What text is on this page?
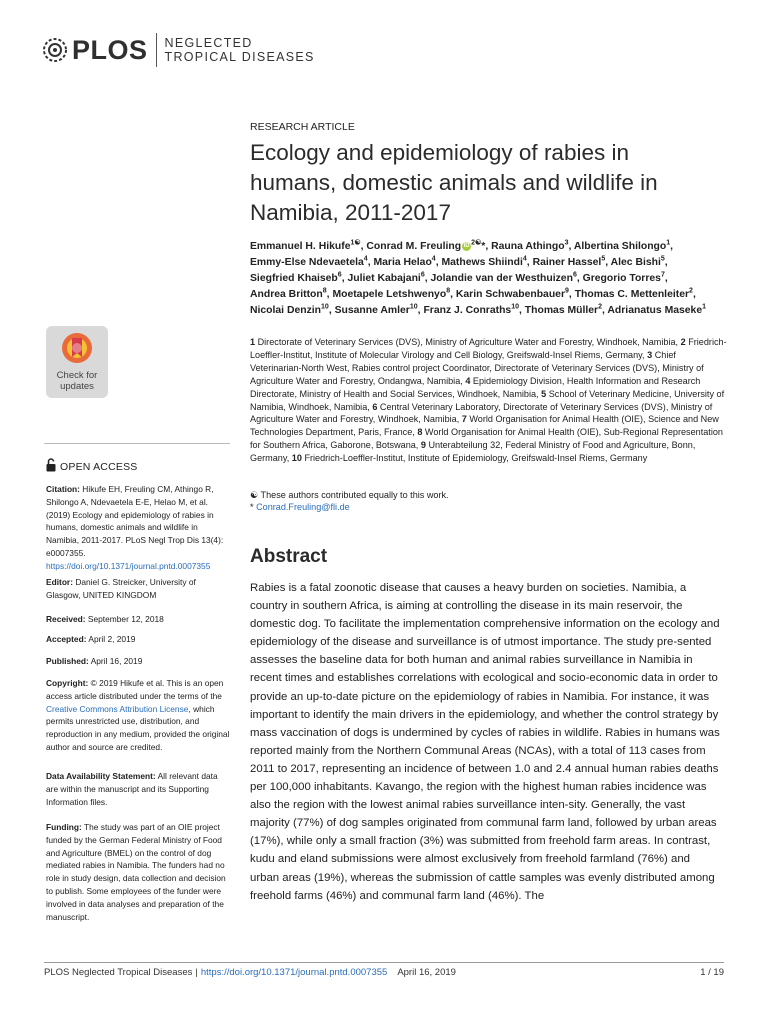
PLOS NEGLECTED
TROPICAL DISEASES
Check for
updates
OPEN ACCESS
Citation: Hikufe EH, Freuling CM, Athingo R, Shilongo A, Ndevaetela E-E, Helao M, et al. (2019) Ecology and epidemiology of rabies in humans, domestic animals and wildlife in Namibia, 2011-2017. PLoS Negl Trop Dis 13(4): e0007355. https://doi.org/10.1371/journal.pntd.0007355
Editor: Daniel G. Streicker, University of Glasgow, UNITED KINGDOM
Received: September 12, 2018
Accepted: April 2, 2019
Published: April 16, 2019
Copyright: © 2019 Hikufe et al. This is an open access article distributed under the terms of the Creative Commons Attribution License, which permits unrestricted use, distribution, and reproduction in any medium, provided the original author and source are credited.
Data Availability Statement: All relevant data are within the manuscript and its Supporting Information files.
Funding: The study was part of an OIE project funded by the German Federal Ministry of Food and Agriculture (BMEL) on the control of dog mediated rabies in Namibia. The funders had no role in study design, data collection and decision to publish. Some employees of the funder were involved in data analyses and preparation of the manuscript.
RESEARCH ARTICLE
Ecology and epidemiology of rabies in humans, domestic animals and wildlife in Namibia, 2011-2017
Emmanuel H. Hikufe$^{1☯}$, Conrad M. Freuling iD $^{2☯}$*, Rauna Athingo$^3$, Albertina Shilongo$^1$, Emmy-Else Ndevaetela$^4$, Maria Helao$^4$, Mathews Shiindi$^4$, Rainer Hassel$^5$, Alec Bishi$^5$, Siegfried Khaiseb$^6$, Juliet Kabajani$^6$, Jolandie van der Westhuizen$^6$, Gregorio Torres$^7$, Andrea Britton$^8$, Moetapele Letshwenyo$^8$, Karin Schwabenbauer$^9$, Thomas C. Mettenleiter$^2$, Nicolai Denzin$^{10}$, Susanne Amler$^{10}$, Franz J. Conraths$^{10}$, Thomas Müller$^2$, Adrianatus Maseke$^1$
1 Directorate of Veterinary Services (DVS), Ministry of Agriculture Water and Forestry, Windhoek, Namibia, 2 Friedrich-Loeffler-Institut, Institute of Molecular Virology and Cell Biology, Greifswald-Insel Riems, Germany, 3 Chief Veterinarian-North West, Rabies control project Coordinator, Directorate of Veterinary Services (DVS), Ministry of Agriculture Water and Forestry, Ondangwa, Namibia, 4 Epidemiology Division, Health Information and Research Directorate, Ministry of Health and Social Services, Windhoek, Namibia, 5 School of Veterinary Medicine, University of Namibia, Windhoek, Namibia, 6 Central Veterinary Laboratory, Directorate of Veterinary Services (DVS), Ministry of Agriculture Water and Forestry, Windhoek, Namibia, 7 World Organisation for Animal Health (OIE), Science and New Technologies Department, Paris, France, 8 World Organisation for Animal Health (OIE), Sub-Regional Representation for Southern Africa, Gaborone, Botswana, 9 Unterabteilung 32, Federal Ministry of Food and Agriculture, Bonn, Germany, 10 Friedrich-Loeffler-Institut, Institute of Epidemiology, Greifswald-Insel Riems, Germany
☯ These authors contributed equally to this work.
* Conrad.Freuling@fli.de
Abstract

Rabies is a fatal zoonotic disease that causes a heavy burden on societies. Namibia, a country in southern Africa, is aiming at controlling the disease in its main reservoir, the domestic dog. To facilitate the implementation comprehensive information on the ecology and epidemiology of the disease and surveillance is of utmost importance. The study pre-sented assesses the baseline data for both human and animal rabies surveillance in Namibia in recent times and establishes correlations with ecological and socio-economic data in order to provide an up-to-date picture on the epidemiology of rabies in Namibia. For instance, it was important to identify the main drivers in the epidemiology, and whether the control strategy by mass vaccination of dogs is undermined by cycles of rabies in wildlife. Rabies in humans was reported mainly from the Northern Communal Areas (NCAs), with a total of 113 cases from 2011 to 2017, representing an incidence of between 1.0 and 2.4 annual human rabies deaths per 100,000 inhabitants. Kavango, the region with the highest human rabies incidence was also the region with the lowest animal rabies surveillance inten-sity. Generally, the vast majority (77%) of dog samples originated from communal farm land, followed by urban areas (17%), while only a small fraction (3%) was submitted from freehold farm areas. In contrast, kudu and eland submissions were almost exclusively from freehold farmland (76%) and urban areas (19%), whereas the submission of cattle samples was evenly distributed among freehold farms (46%) and communal farm land (46%). The

PLOS Neglected Tropical Diseases | https://doi.org/10.1371/journal.pntd.0007355 April 16, 2019	1 / 19
